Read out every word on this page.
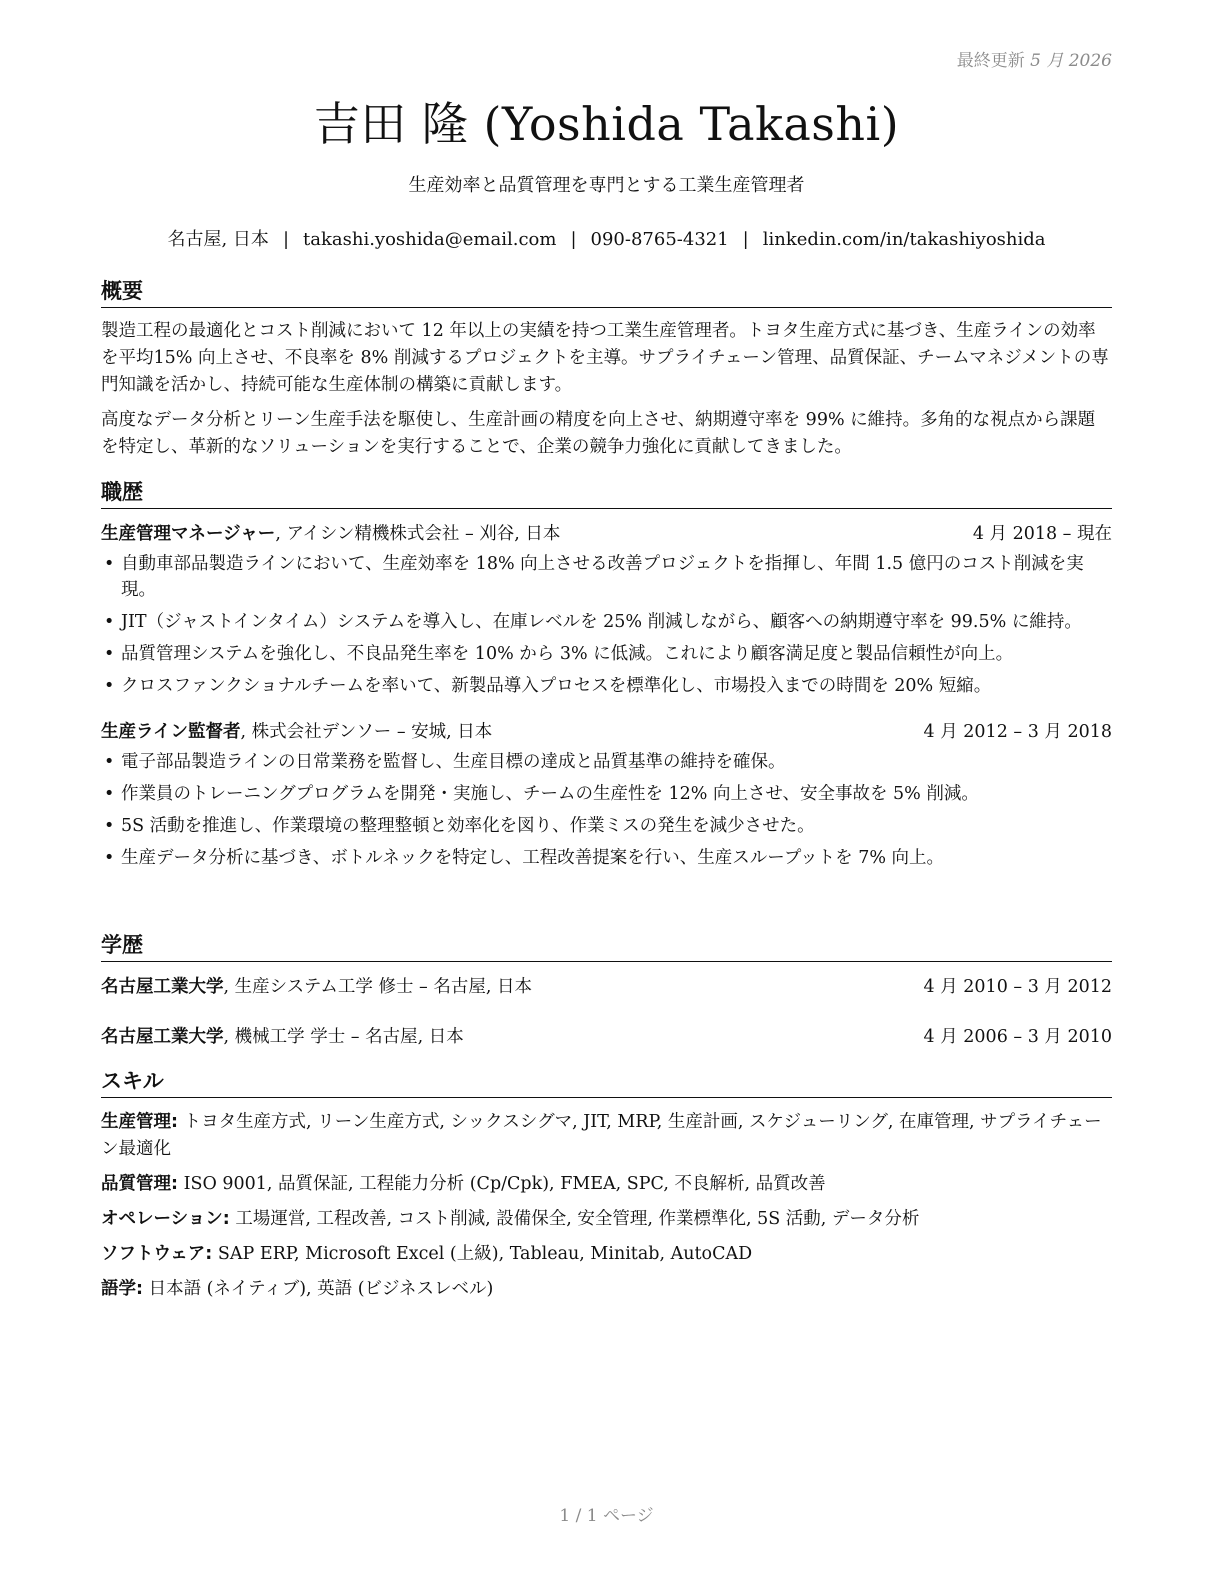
最終更新 5 月 2026
吉田 隆 (Yoshida Takashi)

生産効率と品質管理を専門とする工業生産管理者

名古屋, 日本 | takashi.yoshida@email.com | 090-8765-4321 | linkedin.com/in/takashiyoshida

概要

製造工程の最適化とコスト削減において 12 年以上の実績を持つ工業生産管理者。トヨタ生産方式に基づき、生産ラインの効率を平均15% 向上させ、不良率を 8% 削減するプロジェクトを主導。サプライチェーン管理、品質保証、チームマネジメントの専門知識を活かし、持続可能な生産体制の構築に貢献します。

高度なデータ分析とリーン生産手法を駆使し、生産計画の精度を向上させ、納期遵守率を 99% に維持。多角的な視点から課題を特定し、革新的なソリューションを実行することで、企業の競争力強化に貢献してきました。

職歴
生産管理マネージャー, アイシン精機株式会社 – 刈谷, 日本	4 月 2018 – 現在
• 自動車部品製造ラインにおいて、生産効率を 18% 向上させる改善プロジェクトを指揮し、年間 1.5 億円のコスト削減を実現。
• JIT（ジャストインタイム）システムを導入し、在庫レベルを 25% 削減しながら、顧客への納期遵守率を 99.5% に維持。
• 品質管理システムを強化し、不良品発生率を 10% から 3% に低減。これにより顧客満足度と製品信頼性が向上。
• クロスファンクショナルチームを率いて、新製品導入プロセスを標準化し、市場投入までの時間を 20% 短縮。
生産ライン監督者, 株式会社デンソー – 安城, 日本	4 月 2012 – 3 月 2018
• 電子部品製造ラインの日常業務を監督し、生産目標の達成と品質基準の維持を確保。
• 作業員のトレーニングプログラムを開発・実施し、チームの生産性を 12% 向上させ、安全事故を 5% 削減。
• 5S 活動を推進し、作業環境の整理整頓と効率化を図り、作業ミスの発生を減少させた。
• 生産データ分析に基づき、ボトルネックを特定し、工程改善提案を行い、生産スループットを 7% 向上。
学歴
名古屋工業大学, 生産システム工学 修士 – 名古屋, 日本	4 月 2010 – 3 月 2012
名古屋工業大学, 機械工学 学士 – 名古屋, 日本	4 月 2006 – 3 月 2010
スキル

生産管理: トヨタ生産方式, リーン生産方式, シックスシグマ, JIT, MRP, 生産計画, スケジューリング, 在庫管理, サプライチェーン最適化

品質管理: ISO 9001, 品質保証, 工程能力分析 (Cp/Cpk), FMEA, SPC, 不良解析, 品質改善

オペレーション: 工場運営, 工程改善, コスト削減, 設備保全, 安全管理, 作業標準化, 5S 活動, データ分析

ソフトウェア: SAP ERP, Microsoft Excel (上級), Tableau, Minitab, AutoCAD

語学: 日本語 (ネイティブ), 英語 (ビジネスレベル)

1 / 1 ページ
